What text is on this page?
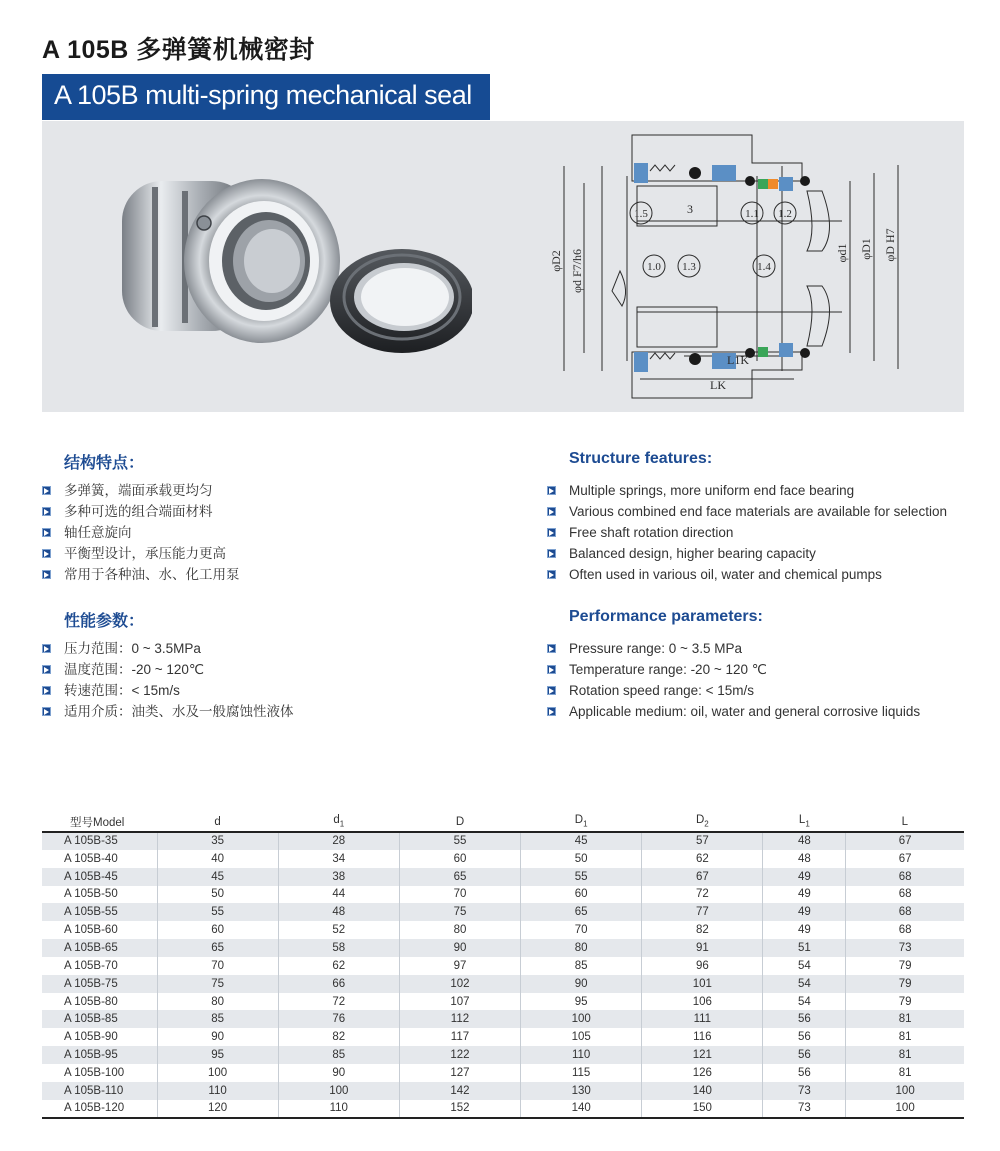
A 105B 多弹簧机械密封
A 105B multi-spring mechanical seal
φD2 φd F7/h6	φd1 φD1 φD H7
1.5	3	1.1 1.2
1.0 1.3	1.4
L1K
LK
结构特点：
多弹簧，端面承载更均匀
多种可选的组合端面材料
轴任意旋向
平衡型设计，承压能力更高
常用于各种油、水、化工用泵
Structure features:
Multiple springs, more uniform end face bearing
Various combined end face materials are available for selection
Free shaft rotation direction
Balanced design, higher bearing capacity
Often used in various oil, water and chemical pumps
性能参数：
压力范围：0 ~ 3.5MPa
温度范围：-20 ~ 120℃
转速范围：< 15m/s
适用介质：油类、水及一般腐蚀性液体
Performance parameters:
Pressure range: 0 ~ 3.5 MPa
Temperature range: -20 ~ 120 ℃
Rotation speed range: < 15m/s
Applicable medium: oil, water and general corrosive liquids
型号Model	d	$d_1$	D	$D_1$	$D_2$	$L_1$	L
A 105B-35	35	28	55	45	57	48	67
A 105B-40	40	34	60	50	62	48	67
A 105B-45	45	38	65	55	67	49	68
A 105B-50	50	44	70	60	72	49	68
A 105B-55	55	48	75	65	77	49	68
A 105B-60	60	52	80	70	82	49	68
A 105B-65	65	58	90	80	91	51	73
A 105B-70	70	62	97	85	96	54	79
A 105B-75	75	66	102	90	101	54	79
A 105B-80	80	72	107	95	106	54	79
A 105B-85	85	76	112	100	111	56	81
A 105B-90	90	82	117	105	116	56	81
A 105B-95	95	85	122	110	121	56	81
A 105B-100	100	90	127	115	126	56	81
A 105B-110	110	100	142	130	140	73	100
A 105B-120	120	110	152	140	150	73	100
